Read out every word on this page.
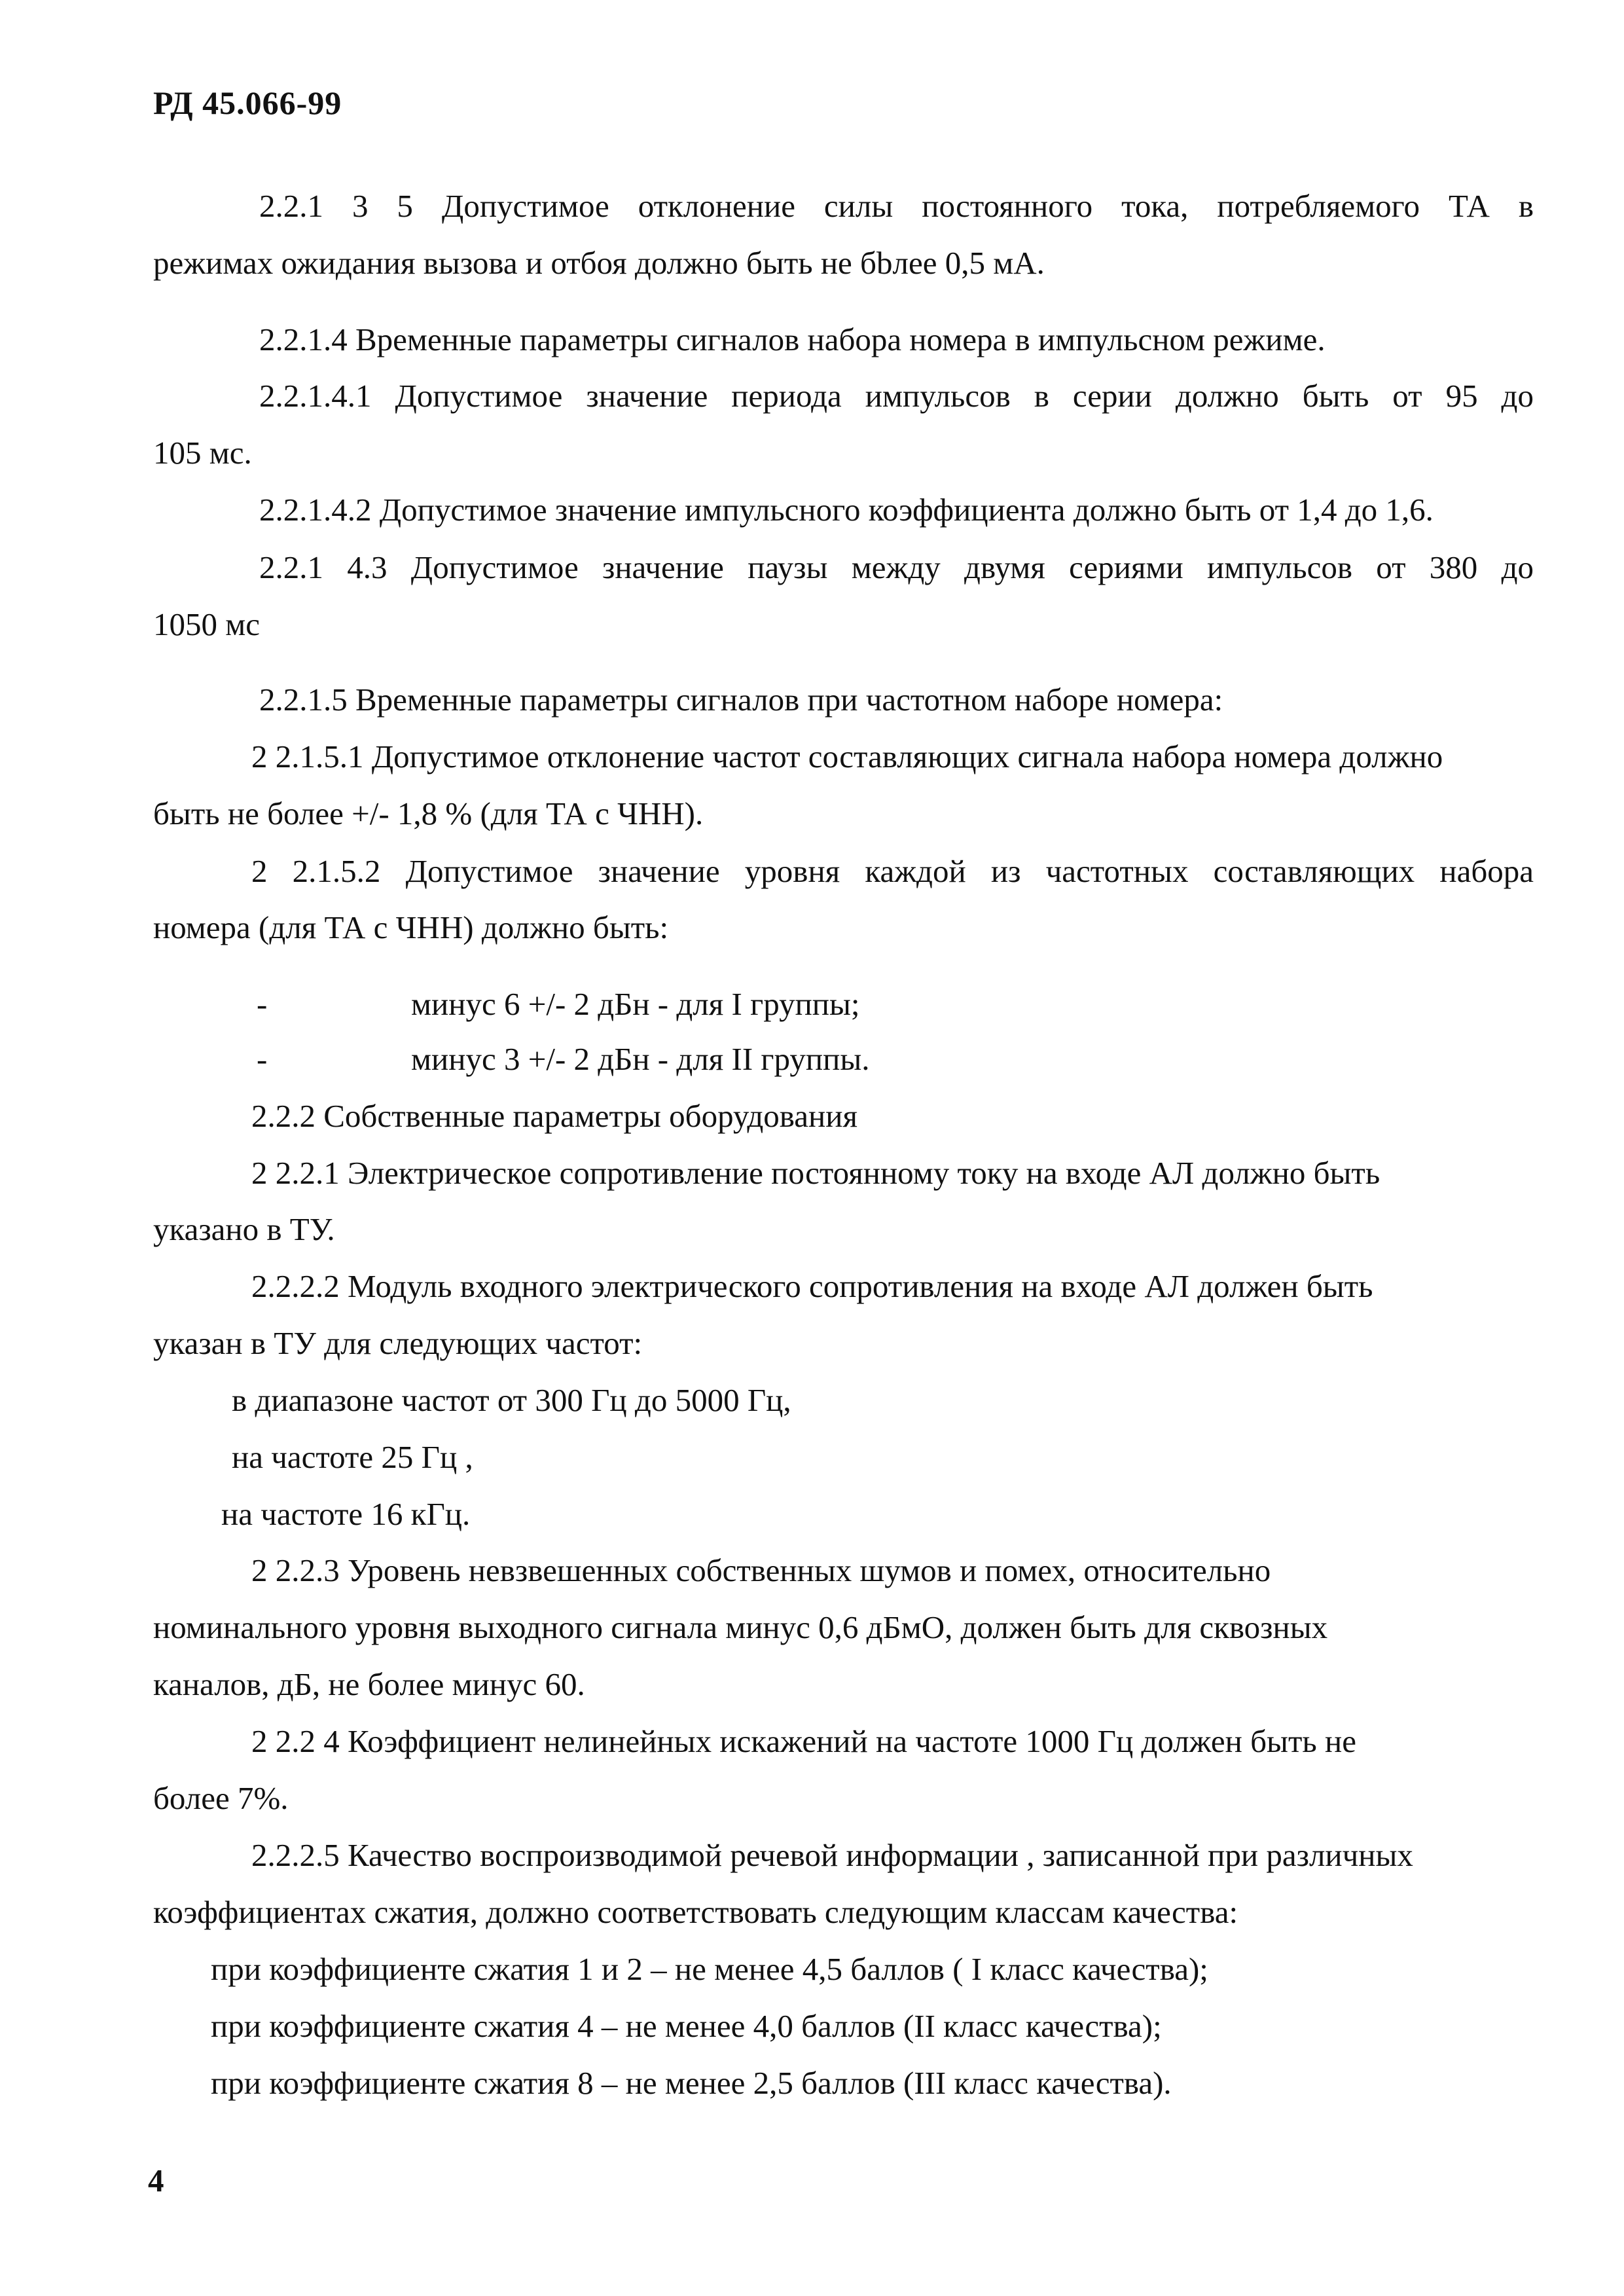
РД 45.066-99
2.2.1 3 5 Допустимое отклонение силы постоянного тока, потребляемого ТА в
режимах ожидания вызова и отбоя должно быть не бbлее 0,5 мА.
2.2.1.4 Временные параметры сигналов набора номера в импульсном режиме.
2.2.1.4.1 Допустимое значение периода импульсов в серии должно быть от 95 до
105 мс.
2.2.1.4.2 Допустимое значение импульсного коэффициента должно быть от 1,4 до 1,6.
2.2.1 4.3 Допустимое значение паузы между двумя сериями импульсов от 380 до
1050 мс
2.2.1.5 Временные параметры сигналов при частотном наборе номера:
2 2.1.5.1 Допустимое отклонение частот составляющих сигнала набора номера должно
быть не более +/- 1,8 % (для ТА с ЧНН).
2 2.1.5.2 Допустимое значение уровня каждой из частотных составляющих набора
номера (для ТА с ЧНН) должно быть:
-	минус 6 +/- 2 дБн - для I группы;
-	минус 3 +/- 2 дБн - для II группы.
2.2.2 Собственные параметры оборудования
2 2.2.1 Электрическое сопротивление постоянному току на входе АЛ должно быть
указано в ТУ.
2.2.2.2 Модуль входного электрического сопротивления на входе АЛ должен быть
указан в ТУ для следующих частот:
в диапазоне частот от 300 Гц до 5000 Гц,
на частоте 25 Гц ,
на частоте 16 кГц.
2 2.2.3 Уровень невзвешенных собственных шумов и помех, относительно
номинального уровня выходного сигнала минус 0,6 дБмО, должен быть для сквозных
каналов, дБ, не более минус 60.
2 2.2 4 Коэффициент нелинейных искажений на частоте 1000 Гц должен быть не
более 7%.
2.2.2.5 Качество воспроизводимой речевой информации , записанной при различных
коэффициентах сжатия, должно соответствовать следующим классам качества:
при коэффициенте сжатия 1 и 2 – не менее 4,5 баллов ( I класс качества);
при коэффициенте сжатия 4 – не менее 4,0 баллов (II класс качества);
при коэффициенте сжатия 8 – не менее 2,5 баллов (III класс качества).
4
